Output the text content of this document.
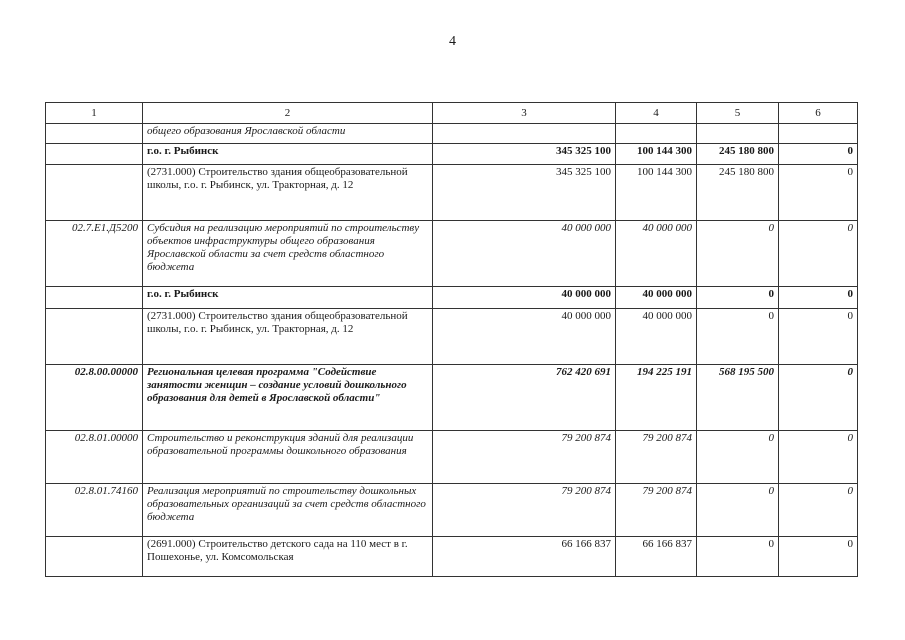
4
1	2	3	4	5	6
	общего образования Ярославской области				
	г.о. г. Рыбинск	345 325 100	100 144 300	245 180 800	0
	(2731.000) Строительство здания общеобразовательной школы, г.о. г. Рыбинск, ул. Тракторная, д. 12	345 325 100	100 144 300	245 180 800	0
02.7.E1.Д5200	Субсидия на реализацию мероприятий по строительству объектов инфраструктуры общего образования Ярославской области за счет средств областного бюджета	40 000 000	40 000 000	0	0
	г.о. г. Рыбинск	40 000 000	40 000 000	0	0
	(2731.000) Строительство здания общеобразовательной школы, г.о. г. Рыбинск, ул. Тракторная, д. 12	40 000 000	40 000 000	0	0
02.8.00.00000	Региональная целевая программа "Содействие занятости женщин – создание условий дошкольного образования для детей в Ярославской области"	762 420 691	194 225 191	568 195 500	0
02.8.01.00000	Строительство и реконструкция зданий для реализации образовательной программы дошкольного образования	79 200 874	79 200 874	0	0
02.8.01.74160	Реализация мероприятий по строительству дошкольных образовательных организаций за счет средств областного бюджета	79 200 874	79 200 874	0	0
	(2691.000) Строительство детского сада на 110 мест в г. Пошехонье, ул. Комсомольская	66 166 837	66 166 837	0	0
